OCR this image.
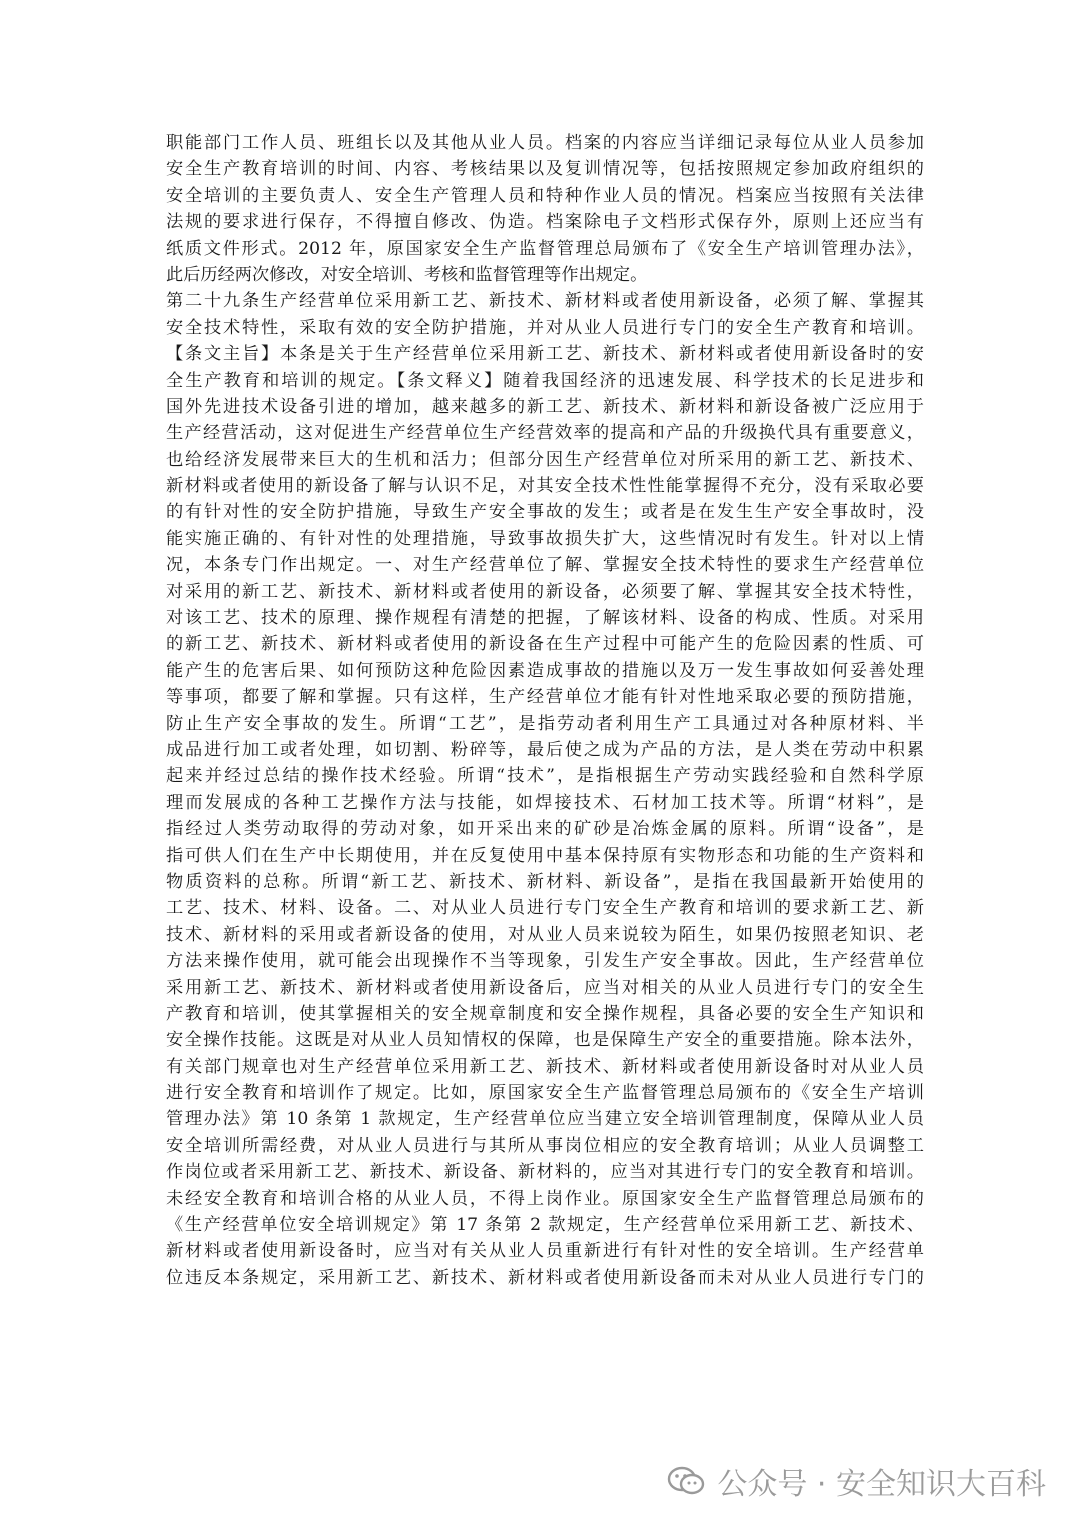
职能部门工作人员、班组长以及其他从业人员。档案的内容应当详细记录每位从业人员参加
安全生产教育培训的时间、内容、考核结果以及复训情况等，包括按照规定参加政府组织的
安全培训的主要负责人、安全生产管理人员和特种作业人员的情况。档案应当按照有关法律
法规的要求进行保存，不得擅自修改、伪造。档案除电子文档形式保存外，原则上还应当有
纸质文件形式。2012 年，原国家安全生产监督管理总局颁布了《安全生产培训管理办法》，
此后历经两次修改，对安全培训、考核和监督管理等作出规定。
第二十九条生产经营单位采用新工艺、新技术、新材料或者使用新设备，必须了解、掌握其
安全技术特性，采取有效的安全防护措施，并对从业人员进行专门的安全生产教育和培训。
【条文主旨】本条是关于生产经营单位采用新工艺、新技术、新材料或者使用新设备时的安
全生产教育和培训的规定。【条文释义】随着我国经济的迅速发展、科学技术的长足进步和
国外先进技术设备引进的增加，越来越多的新工艺、新技术、新材料和新设备被广泛应用于
生产经营活动，这对促进生产经营单位生产经营效率的提高和产品的升级换代具有重要意义，
也给经济发展带来巨大的生机和活力；但部分因生产经营单位对所采用的新工艺、新技术、
新材料或者使用的新设备了解与认识不足，对其安全技术性性能掌握得不充分，没有采取必要
的有针对性的安全防护措施，导致生产安全事故的发生；或者是在发生生产安全事故时，没
能实施正确的、有针对性的处理措施，导致事故损失扩大，这些情况时有发生。针对以上情
况，本条专门作出规定。一、对生产经营单位了解、掌握安全技术特性的要求生产经营单位
对采用的新工艺、新技术、新材料或者使用的新设备，必须要了解、掌握其安全技术特性，
对该工艺、技术的原理、操作规程有清楚的把握，了解该材料、设备的构成、性质。对采用
的新工艺、新技术、新材料或者使用的新设备在生产过程中可能产生的危险因素的性质、可
能产生的危害后果、如何预防这种危险因素造成事故的措施以及万一发生事故如何妥善处理
等事项，都要了解和掌握。只有这样，生产经营单位才能有针对性地采取必要的预防措施，
防止生产安全事故的发生。所谓“工艺”，是指劳动者利用生产工具通过对各种原材料、半
成品进行加工或者处理，如切割、粉碎等，最后使之成为产品的方法，是人类在劳动中积累
起来并经过总结的操作技术经验。所谓“技术”，是指根据生产劳动实践经验和自然科学原
理而发展成的各种工艺操作方法与技能，如焊接技术、石材加工技术等。所谓“材料”，是
指经过人类劳动取得的劳动对象，如开采出来的矿砂是冶炼金属的原料。所谓“设备”，是
指可供人们在生产中长期使用，并在反复使用中基本保持原有实物形态和功能的生产资料和
物质资料的总称。所谓“新工艺、新技术、新材料、新设备”，是指在我国最新开始使用的
工艺、技术、材料、设备。二、对从业人员进行专门安全生产教育和培训的要求新工艺、新
技术、新材料的采用或者新设备的使用，对从业人员来说较为陌生，如果仍按照老知识、老
方法来操作使用，就可能会出现操作不当等现象，引发生产安全事故。因此，生产经营单位
采用新工艺、新技术、新材料或者使用新设备后，应当对相关的从业人员进行专门的安全生
产教育和培训，使其掌握相关的安全规章制度和安全操作规程，具备必要的安全生产知识和
安全操作技能。这既是对从业人员知情权的保障，也是保障生产安全的重要措施。除本法外，
有关部门规章也对生产经营单位采用新工艺、新技术、新材料或者使用新设备时对从业人员
进行安全教育和培训作了规定。比如，原国家安全生产监督管理总局颁布的《安全生产培训
管理办法》第 10 条第 1 款规定，生产经营单位应当建立安全培训管理制度，保障从业人员
安全培训所需经费，对从业人员进行与其所从事岗位相应的安全教育培训；从业人员调整工
作岗位或者采用新工艺、新技术、新设备、新材料的，应当对其进行专门的安全教育和培训。
未经安全教育和培训合格的从业人员，不得上岗作业。原国家安全生产监督管理总局颁布的
《生产经营单位安全培训规定》第 17 条第 2 款规定，生产经营单位采用新工艺、新技术、
新材料或者使用新设备时，应当对有关从业人员重新进行有针对性的安全培训。生产经营单
位违反本条规定，采用新工艺、新技术、新材料或者使用新设备而未对从业人员进行专门的
公众号 · 安全知识大百科
